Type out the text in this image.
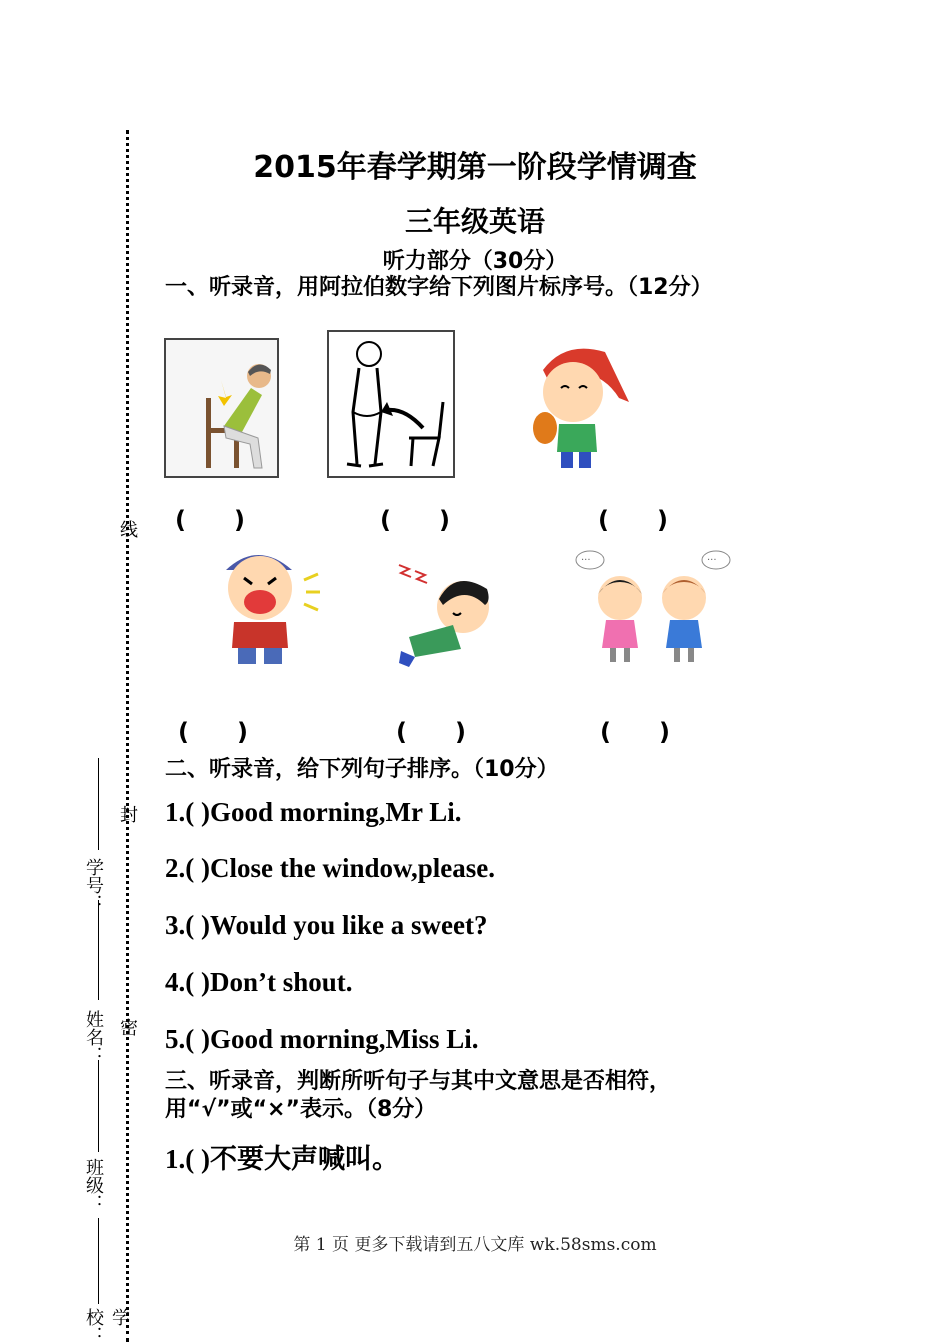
线
封
密
学号：
姓名：
班级：
学校：
2015年春学期第一阶段学情调查
三年级英语
听力部分（30分）
一、听录音，用阿拉伯数字给下列图片标序号。（12分）
(　　)	(　　)	(　　)
···	···
(　　)	(　　)	(　　)
二、听录音，给下列句子排序。（10分）
1.( )Good morning,Mr Li.
2.( )Close the window,please.
3.( )Would you like a sweet?
4.( )Don’t shout.
5.( )Good morning,Miss Li.
三、听录音，判断所听句子与其中文意思是否相符，用“√”或“×”表示。（8分）
1.( )不要大声喊叫。
第 1 页 更多下载请到五八文库 wk.58sms.com
